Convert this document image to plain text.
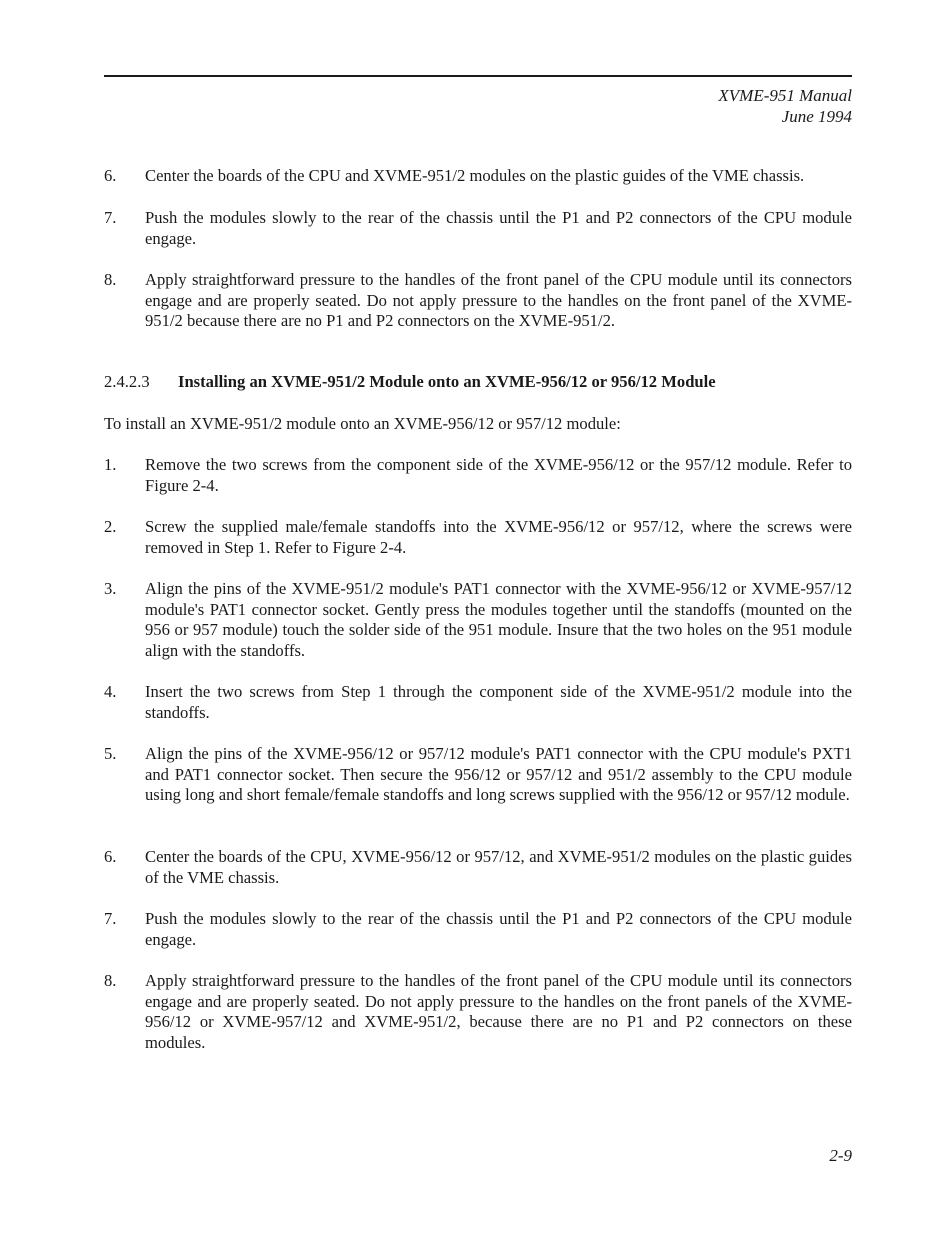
XVME-951 Manual
June 1994
6.	Center the boards of the CPU and XVME-951/2 modules on the plastic guides of the VME chassis.
7.	Push the modules slowly to the rear of the chassis until the P1 and P2 connectors of the CPU module engage.
8.	Apply straightforward pressure to the handles of the front panel of the CPU module until its connectors engage and are properly seated. Do not apply pressure to the handles on the front panel of the XVME-951/2 because there are no P1 and P2 connectors on the XVME-951/2.
2.4.2.3 Installing an XVME-951/2 Module onto an XVME-956/12 or 956/12 Module
To install an XVME-951/2 module onto an XVME-956/12 or 957/12 module:
1.	Remove the two screws from the component side of the XVME-956/12 or the 957/12 module. Refer to Figure 2-4.
2.	Screw the supplied male/female standoffs into the XVME-956/12 or 957/12, where the screws were removed in Step 1. Refer to Figure 2-4.
3.	Align the pins of the XVME-951/2 module's PAT1 connector with the XVME-956/12 or XVME-957/12 module's PAT1 connector socket. Gently press the modules together until the standoffs (mounted on the 956 or 957 module) touch the solder side of the 951 module. Insure that the two holes on the 951 module align with the standoffs.
4.	Insert the two screws from Step 1 through the component side of the XVME-951/2 module into the standoffs.
5.	Align the pins of the XVME-956/12 or 957/12 module's PAT1 connector with the CPU module's PXT1 and PAT1 connector socket. Then secure the 956/12 or 957/12 and 951/2 assembly to the CPU module using long and short female/female standoffs and long screws supplied with the 956/12 or 957/12 module.
6.	Center the boards of the CPU, XVME-956/12 or 957/12, and XVME-951/2 modules on the plastic guides of the VME chassis.
7.	Push the modules slowly to the rear of the chassis until the P1 and P2 connectors of the CPU module engage.
8.	Apply straightforward pressure to the handles of the front panel of the CPU module until its connectors engage and are properly seated. Do not apply pressure to the handles on the front panels of the XVME-956/12 or XVME-957/12 and XVME-951/2, because there are no P1 and P2 connectors on these modules.
2-9
